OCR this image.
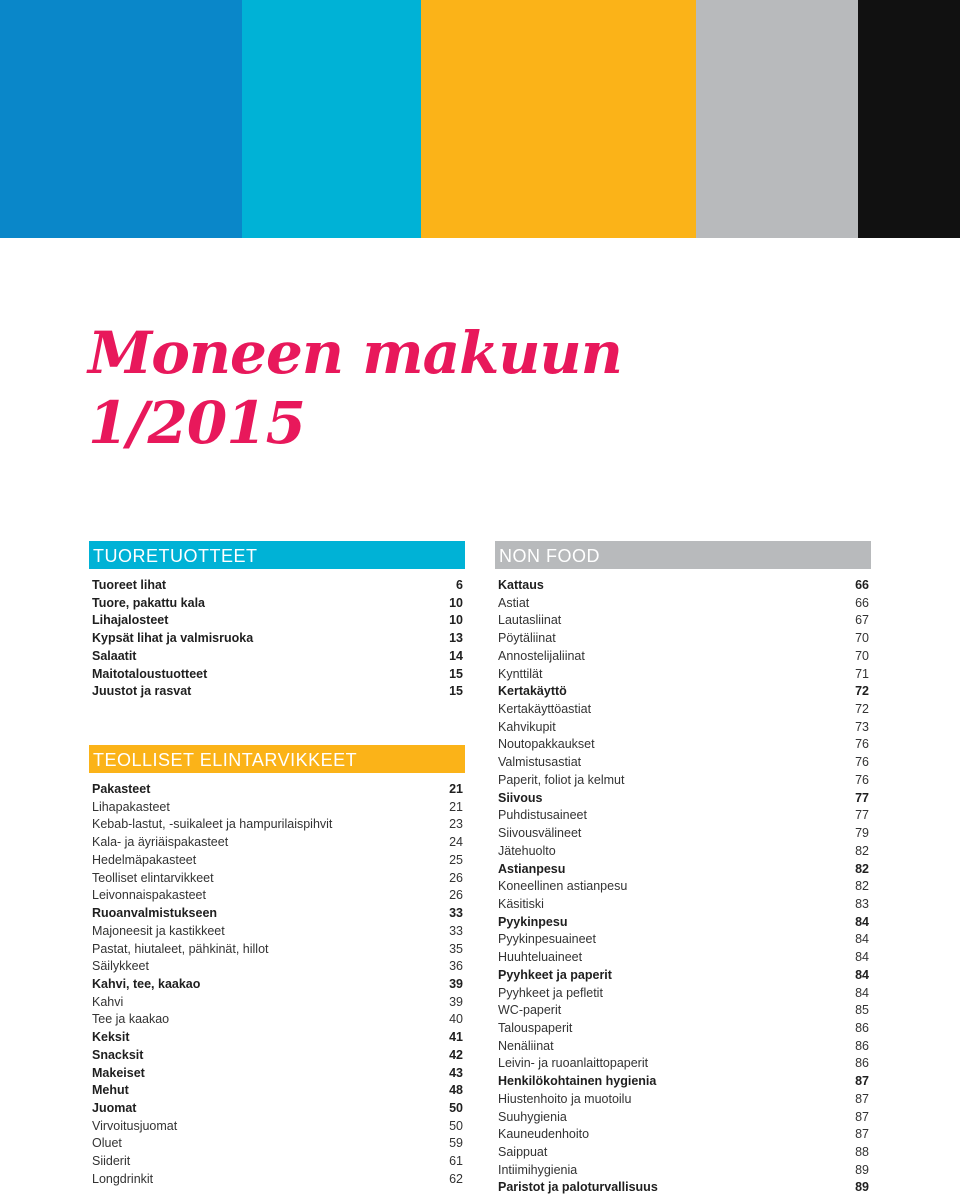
Moneen makuun
1/2015
TUORETUOTTEET
Tuoreet lihat	6
Tuore, pakattu kala	10
Lihajalosteet	10
Kypsät lihat ja valmisruoka	13
Salaatit	14
Maitotaloustuotteet	15
Juustot ja rasvat	15
TEOLLISET ELINTARVIKKEET
Pakasteet	21
Lihapakasteet	21
Kebab-lastut, -suikaleet ja hampurilaispihvit	23
Kala- ja äyriäispakasteet	24
Hedelmäpakasteet	25
Teolliset elintarvikkeet	26
Leivonnaispakasteet	26
Ruoanvalmistukseen	33
Majoneesit ja kastikkeet	33
Pastat, hiutaleet, pähkinät, hillot	35
Säilykkeet	36
Kahvi, tee, kaakao	39
Kahvi	39
Tee ja kaakao	40
Keksit	41
Snacksit	42
Makeiset	43
Mehut	48
Juomat	50
Virvoitusjuomat	50
Oluet	59
Siiderit	61
Longdrinkit	62
NON FOOD
Kattaus	66
Astiat	66
Lautasliinat	67
Pöytäliinat	70
Annostelijaliinat	70
Kynttilät	71
Kertakäyttö	72
Kertakäyttöastiat	72
Kahvikupit	73
Noutopakkaukset	76
Valmistusastiat	76
Paperit, foliot ja kelmut	76
Siivous	77
Puhdistusaineet	77
Siivousvälineet	79
Jätehuolto	82
Astianpesu	82
Koneellinen astianpesu	82
Käsitiski	83
Pyykinpesu	84
Pyykinpesuaineet	84
Huuhteluaineet	84
Pyyhkeet ja paperit	84
Pyyhkeet ja pefletit	84
WC-paperit	85
Talouspaperit	86
Nenäliinat	86
Leivin- ja ruoanlaittopaperit	86
Henkilökohtainen hygienia	87
Hiustenhoito ja muotoilu	87
Suuhygienia	87
Kauneudenhoito	87
Saippuat	88
Intiimihygienia	89
Paristot ja paloturvallisuus	89
